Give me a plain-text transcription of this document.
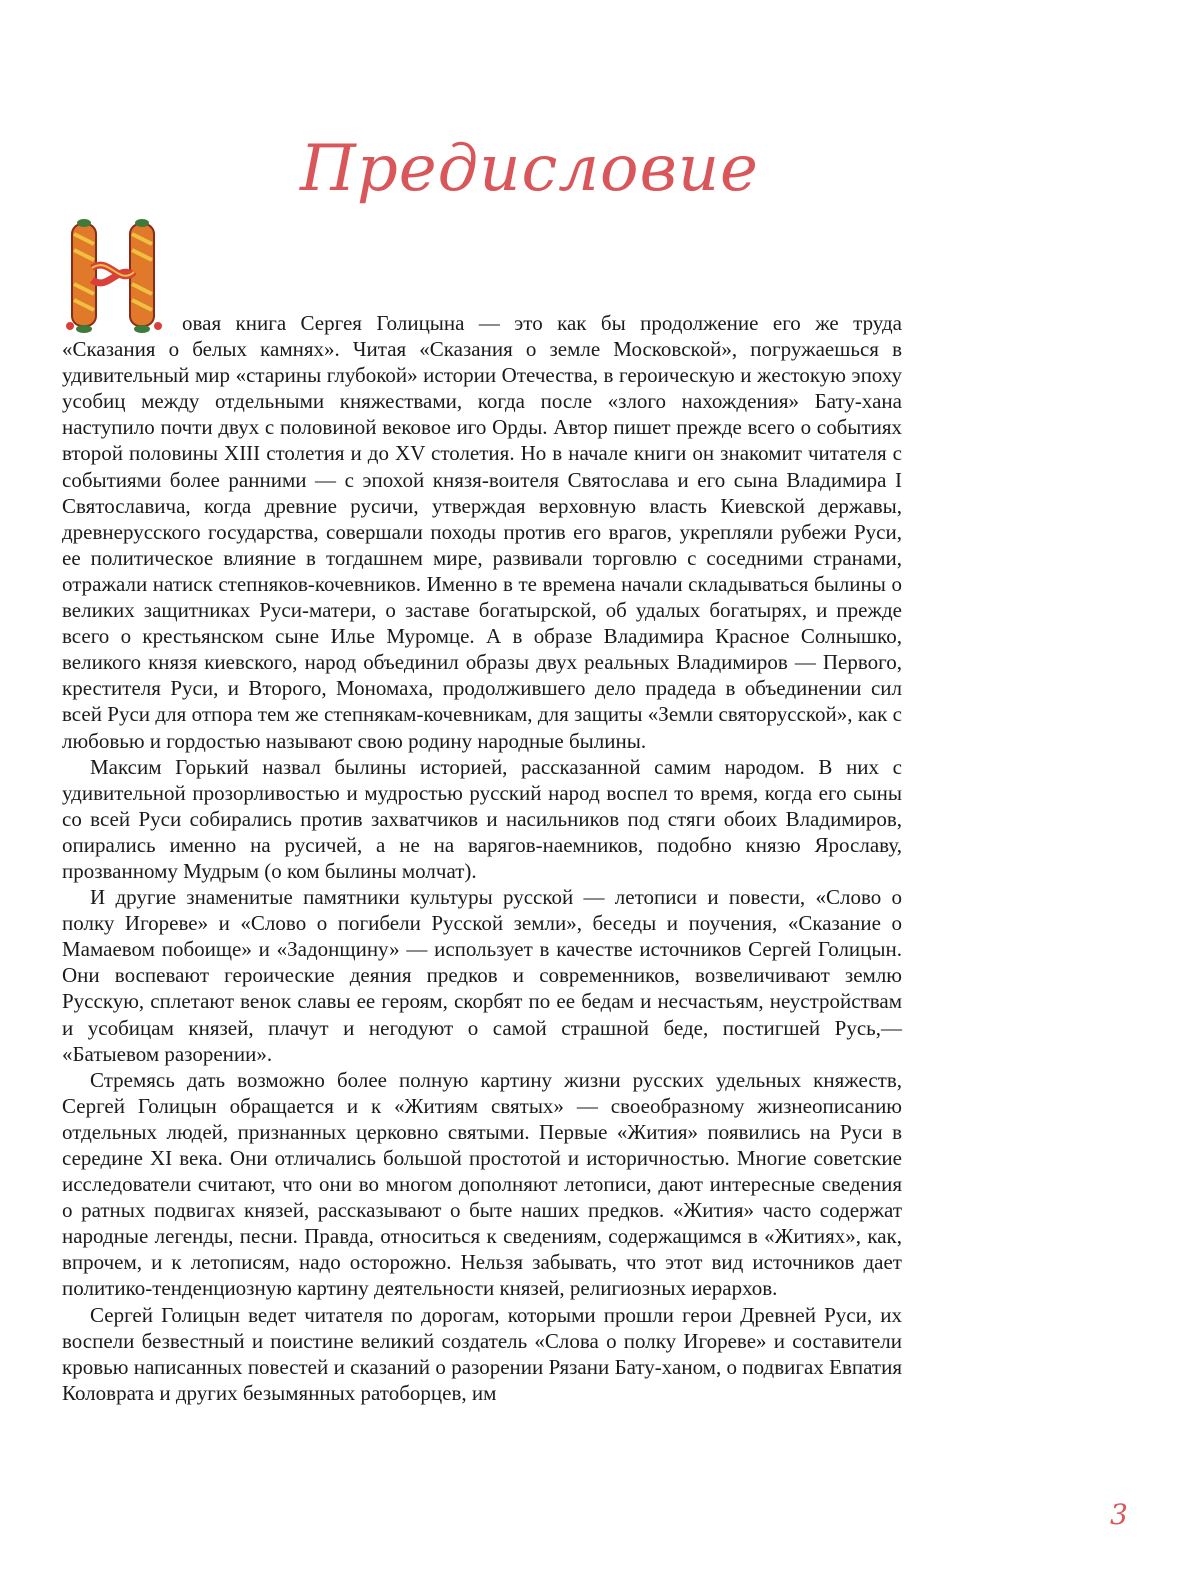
Предисловие
овая книга Сергея Голицына — это как бы продолжение его же труда

«Сказания о белых камнях». Читая «Сказания о земле Московской», погружаешься в удивительный мир «старины глубокой» истории Отечества, в героическую и жестокую эпоху усобиц между отдельными княжествами, когда после «злого нахождения» Бату-хана наступило почти двух с половиной вековое иго Орды. Автор пишет прежде всего о событиях второй половины XIII столетия и до XV столетия. Но в начале книги он знакомит читателя с событиями более ранними — с эпохой князя-воителя Святослава и его сына Владимира I Святославича, когда древние русичи, утверждая верховную власть Киевской державы, древнерусского государства, совершали походы против его врагов, укрепляли рубежи Руси, ее политическое влияние в тогдашнем мире, развивали торговлю с соседними странами, отражали натиск степняков-кочевников. Именно в те времена начали складываться былины о великих защитниках Руси-матери, о заставе богатырской, об удалых богатырях, и прежде всего о крестьянском сыне Илье Муромце. А в образе Владимира Красное Солнышко, великого князя киевского, народ объединил образы двух реальных Владимиров — Первого, крестителя Руси, и Второго, Мономаха, продолжившего дело прадеда в объединении сил всей Руси для отпора тем же степнякам-кочевникам, для защиты «Земли святорусской», как с любовью и гордостью называют свою родину народные былины.

Максим Горький назвал былины историей, рассказанной самим народом. В них с удивительной прозорливостью и мудростью русский народ воспел то время, когда его сыны со всей Руси собирались против захватчиков и насильников под стяги обоих Владимиров, опирались именно на русичей, а не на варягов-наемников, подобно князю Ярославу, прозванному Мудрым (о ком былины молчат).

И другие знаменитые памятники культуры русской — летописи и повести, «Слово о полку Игореве» и «Слово о погибели Русской земли», беседы и поучения, «Сказание о Мамаевом побоище» и «Задонщину» — использует в качестве источников Сергей Голицын. Они воспевают героические деяния предков и современников, возвеличивают землю Русскую, сплетают венок славы ее героям, скорбят по ее бедам и несчастьям, неустройствам и усобицам князей, плачут и негодуют о самой страшной беде, постигшей Русь,— «Батыевом разорении».

Стремясь дать возможно более полную картину жизни русских удельных княжеств, Сергей Голицын обращается и к «Житиям святых» — своеобразному жизнеописанию отдельных людей, признанных церковно святыми. Первые «Жития» появились на Руси в середине XI века. Они отличались большой простотой и историчностью. Многие советские исследователи считают, что они во многом дополняют летописи, дают интересные сведения о ратных подвигах князей, рассказывают о быте наших предков. «Жития» часто содержат народные легенды, песни. Правда, относиться к сведениям, содержащимся в «Житиях», как, впрочем, и к летописям, надо осторожно. Нельзя забывать, что этот вид источников дает политико-тенденциозную картину деятельности князей, религиозных иерархов.

Сергей Голицын ведет читателя по дорогам, которыми прошли герои Древней Руси, их воспели безвестный и поистине великий создатель «Слова о полку Игореве» и составители кровью написанных повестей и сказаний о разорении Рязани Бату-ханом, о подвигах Евпатия Коловрата и других безымянных ратоборцев, им

3
